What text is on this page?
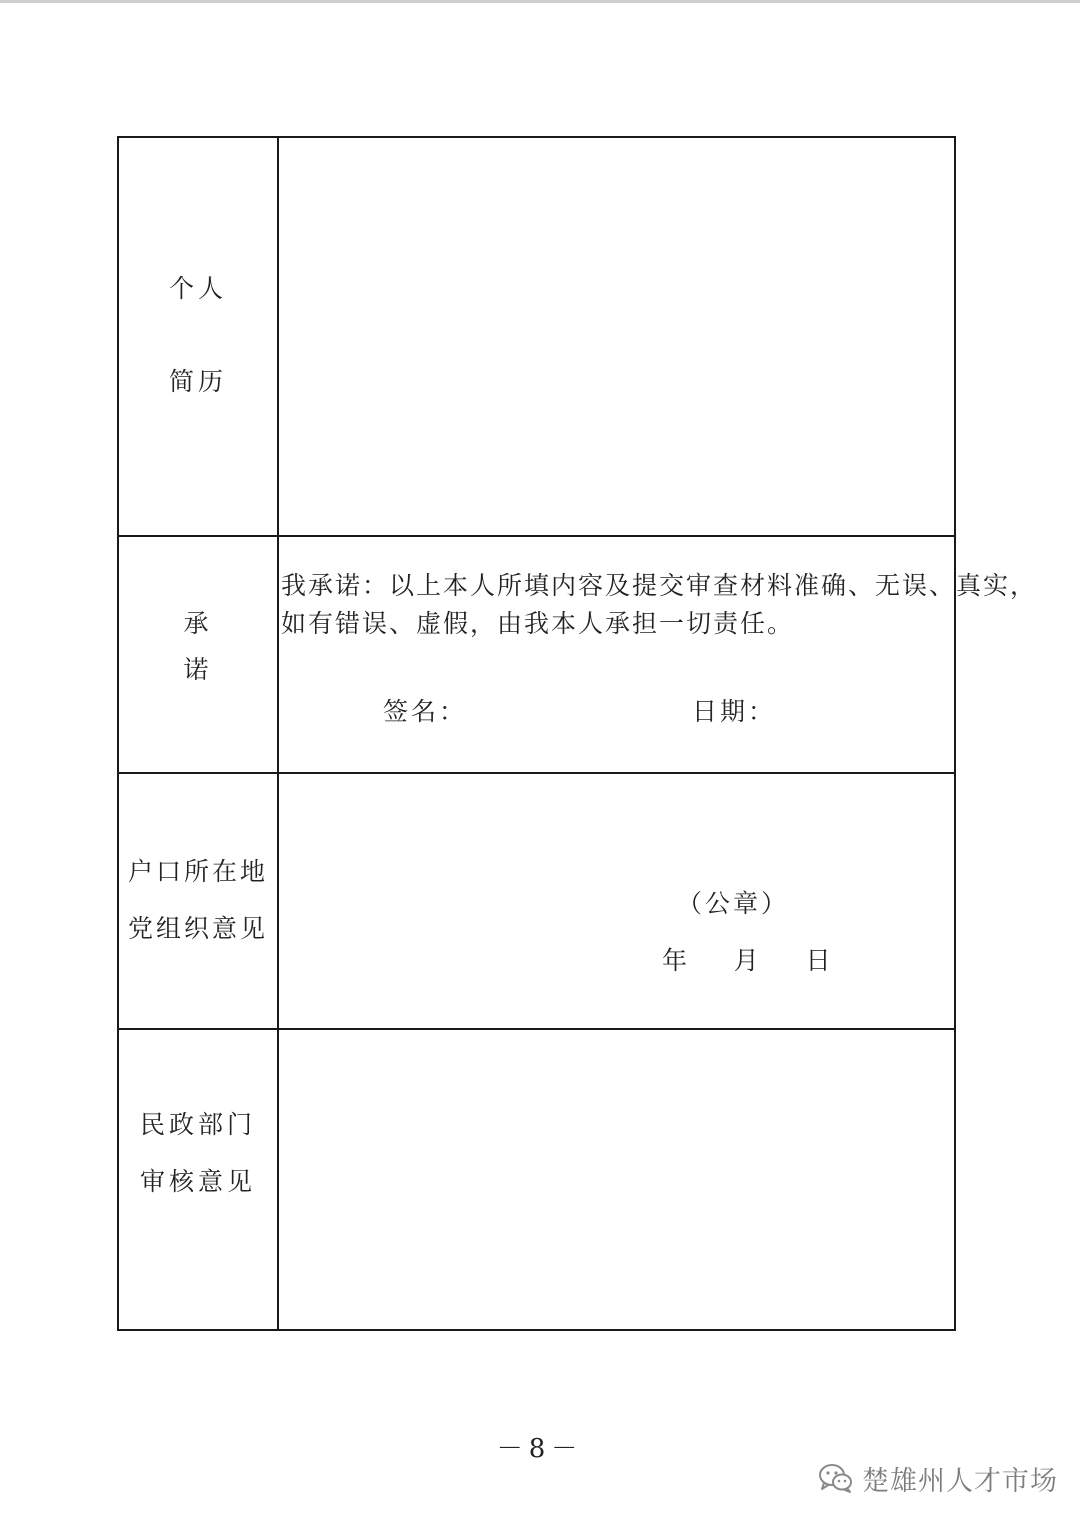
个人
简历
承
诺
我承诺：以上本人所填内容及提交审查材料准确、无误、真实，
如有错误、虚假，由我本人承担一切责任。
签名：	日期：
户口所在地
党组织意见
（公章）
年    月    日
民政部门
审核意见
－8－
楚雄州人才市场
